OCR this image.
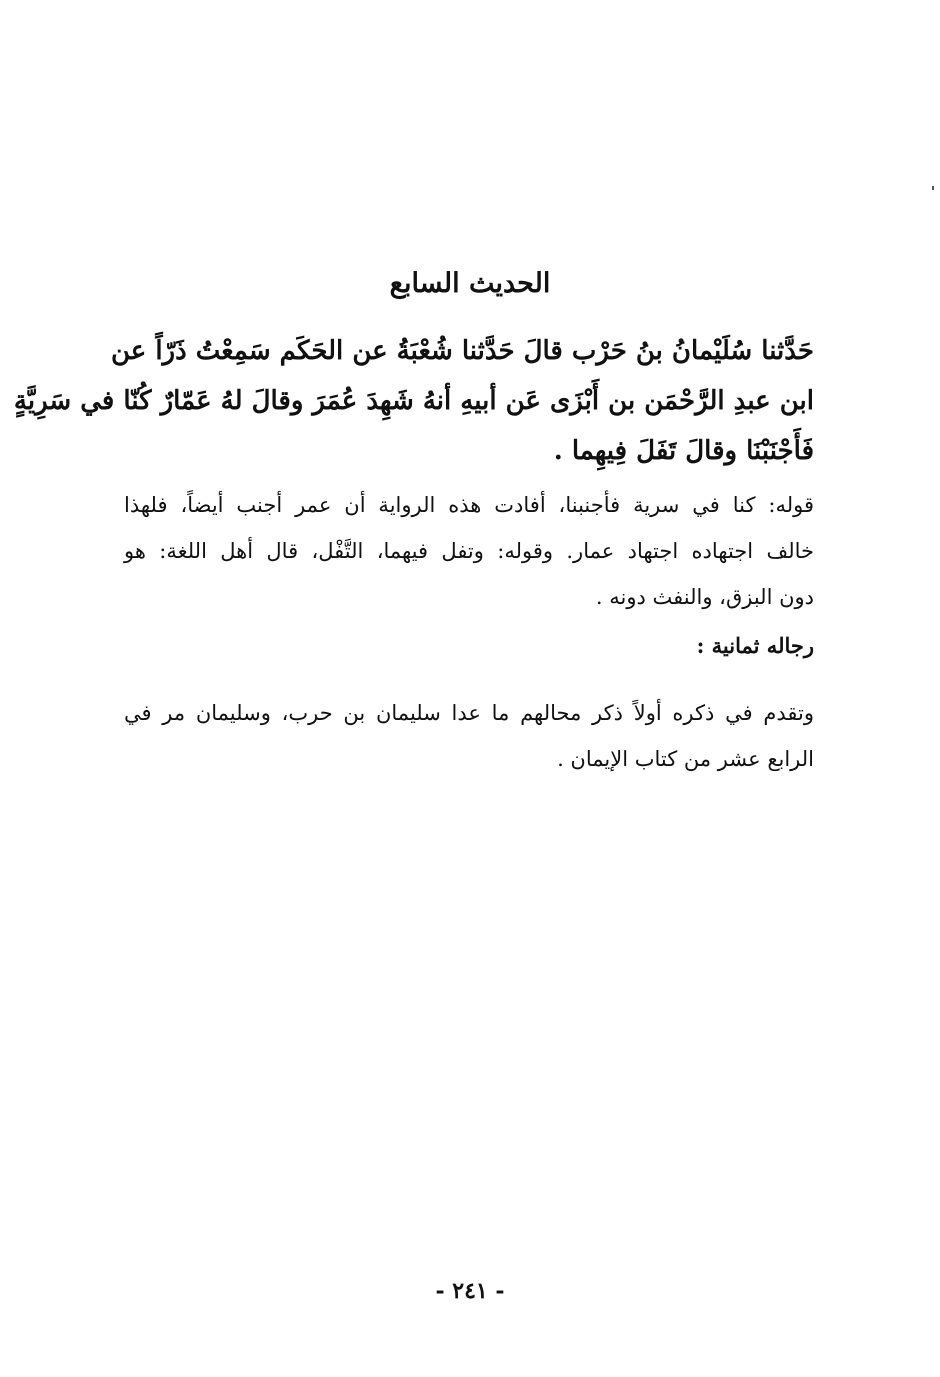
الحديث السابع
حَدَّثنا سُلَيْمانُ بنُ حَرْب قالَ حَدَّثنا شُعْبَةُ عن الحَكَم سَمِعْتُ ذَرّاً عن
ابن عبدِ الرَّحْمَن بن أَبْزَى عَن أبيهِ أنهُ شَهِدَ عُمَرَ وقالَ لهُ عَمّارٌ كُنّا في سَرِيَّةٍ
فَأَجْنَبْنَا وقالَ تَفَلَ فِيهِما .
قوله: كنا في سرية فأجنبنا، أفادت هذه الرواية أن عمر أجنب أيضاً، فلهذا
خالف اجتهاده اجتهاد عمار. وقوله: وتفل فيهما، التَّفْل، قال أهل اللغة: هو
دون البزق، والنفث دونه .
رجاله ثمانية :
وتقدم في ذكره أولاً ذكر محالهم ما عدا سليمان بن حرب، وسليمان مر في
الرابع عشر من كتاب الإيمان .
- ٢٤١ -
